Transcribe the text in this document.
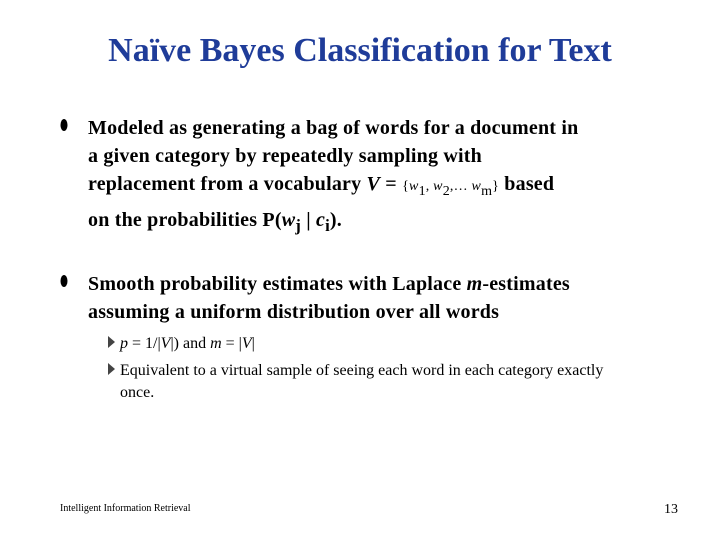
Naïve Bayes Classification for Text
Modeled as generating a bag of words for a document in
a given category by repeatedly sampling with
replacement from a vocabulary $V = \{w_1$, $w_2,\dots$ $w_m$} based
on the probabilities $P(w_j$ | $c_i$).
Smooth probability estimates with Laplace m-estimates
assuming a uniform distribution over all words
p = 1/|V|) and m = |V|
Equivalent to a virtual sample of seeing each word in each category exactly
once.
Intelligent Information Retrieval	13
